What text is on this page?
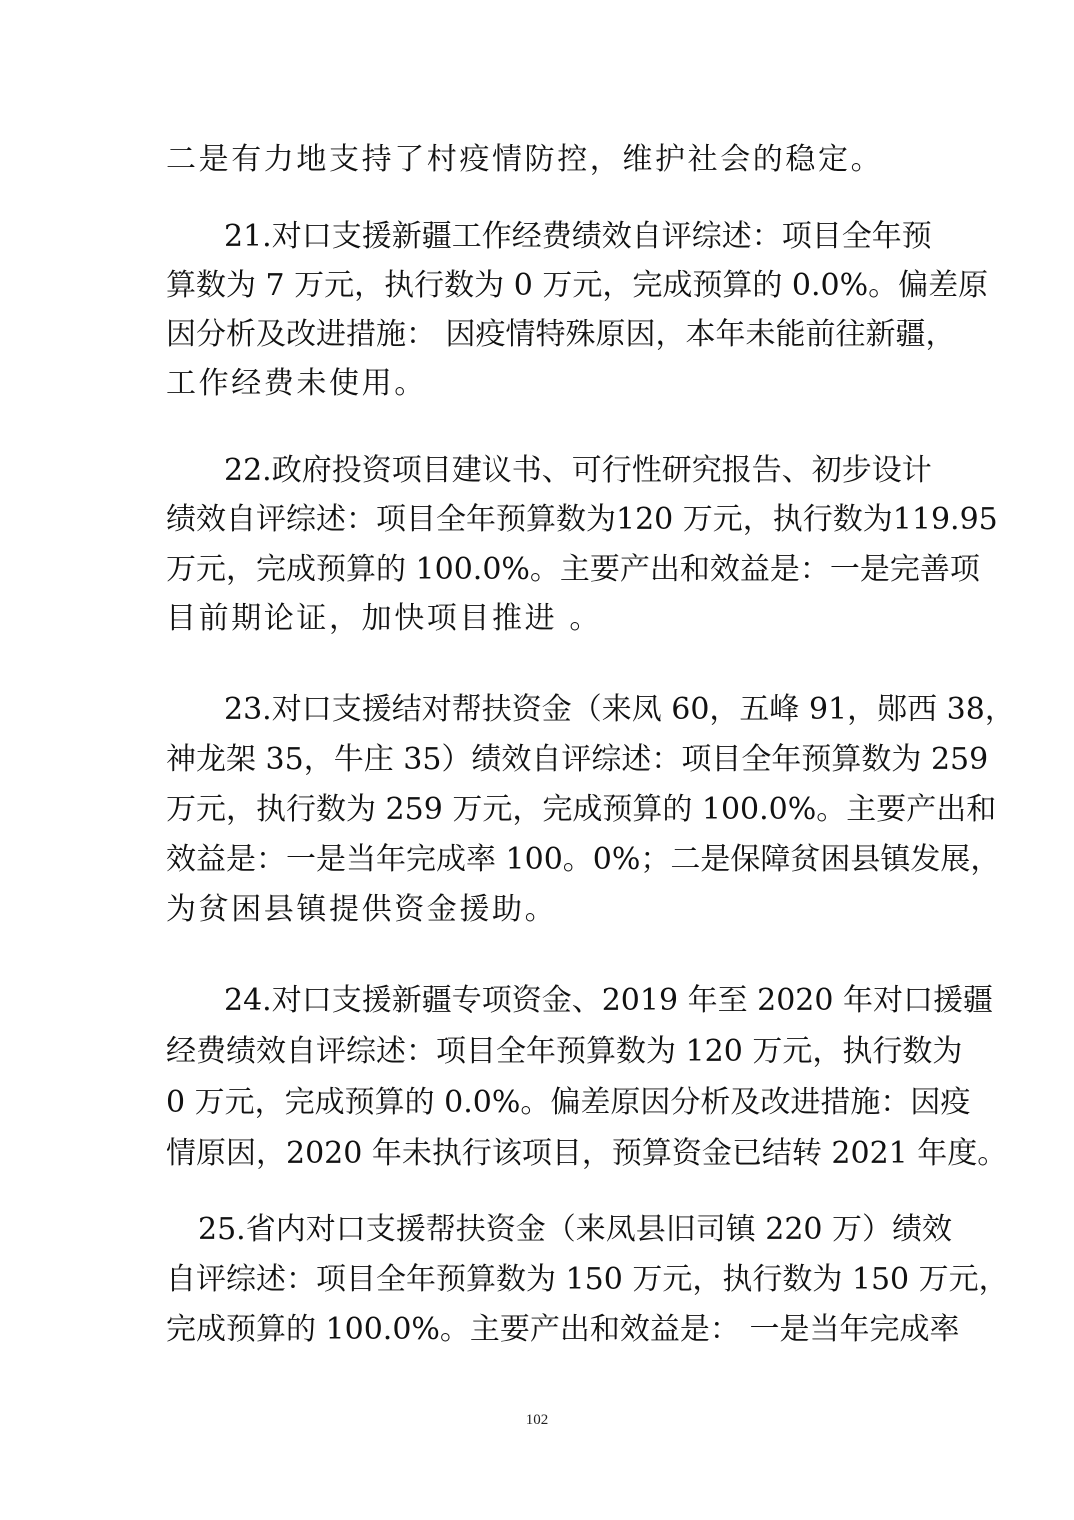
二是有力地支持了村疫情防控，维护社会的稳定。
21.对口支援新疆工作经费绩效自评综述：项目全年预
算数为 7 万元，执行数为 0 万元，完成预算的 0.0%。偏差原
因分析及改进措施： 因疫情特殊原因，本年未能前往新疆，
工作经费未使用。
22.政府投资项目建议书、可行性研究报告、初步设计
绩效自评综述：项目全年预算数为120 万元，执行数为119.95
万元，完成预算的 100.0%。主要产出和效益是：一是完善项
目前期论证，加快项目推进 。
23.对口支援结对帮扶资金（来凤 60，五峰 91，郧西 38，
神龙架 35，牛庄 35）绩效自评综述：项目全年预算数为 259
万元，执行数为 259 万元，完成预算的 100.0%。主要产出和
效益是：一是当年完成率 100。0%；二是保障贫困县镇发展，
为贫困县镇提供资金援助。
24.对口支援新疆专项资金、2019 年至 2020 年对口援疆
经费绩效自评综述：项目全年预算数为 120 万元，执行数为
0 万元，完成预算的 0.0%。偏差原因分析及改进措施：因疫
情原因，2020 年未执行该项目，预算资金已结转 2021 年度。
25.省内对口支援帮扶资金（来凤县旧司镇 220 万）绩效
自评综述：项目全年预算数为 150 万元，执行数为 150 万元，
完成预算的 100.0%。主要产出和效益是： 一是当年完成率
102
